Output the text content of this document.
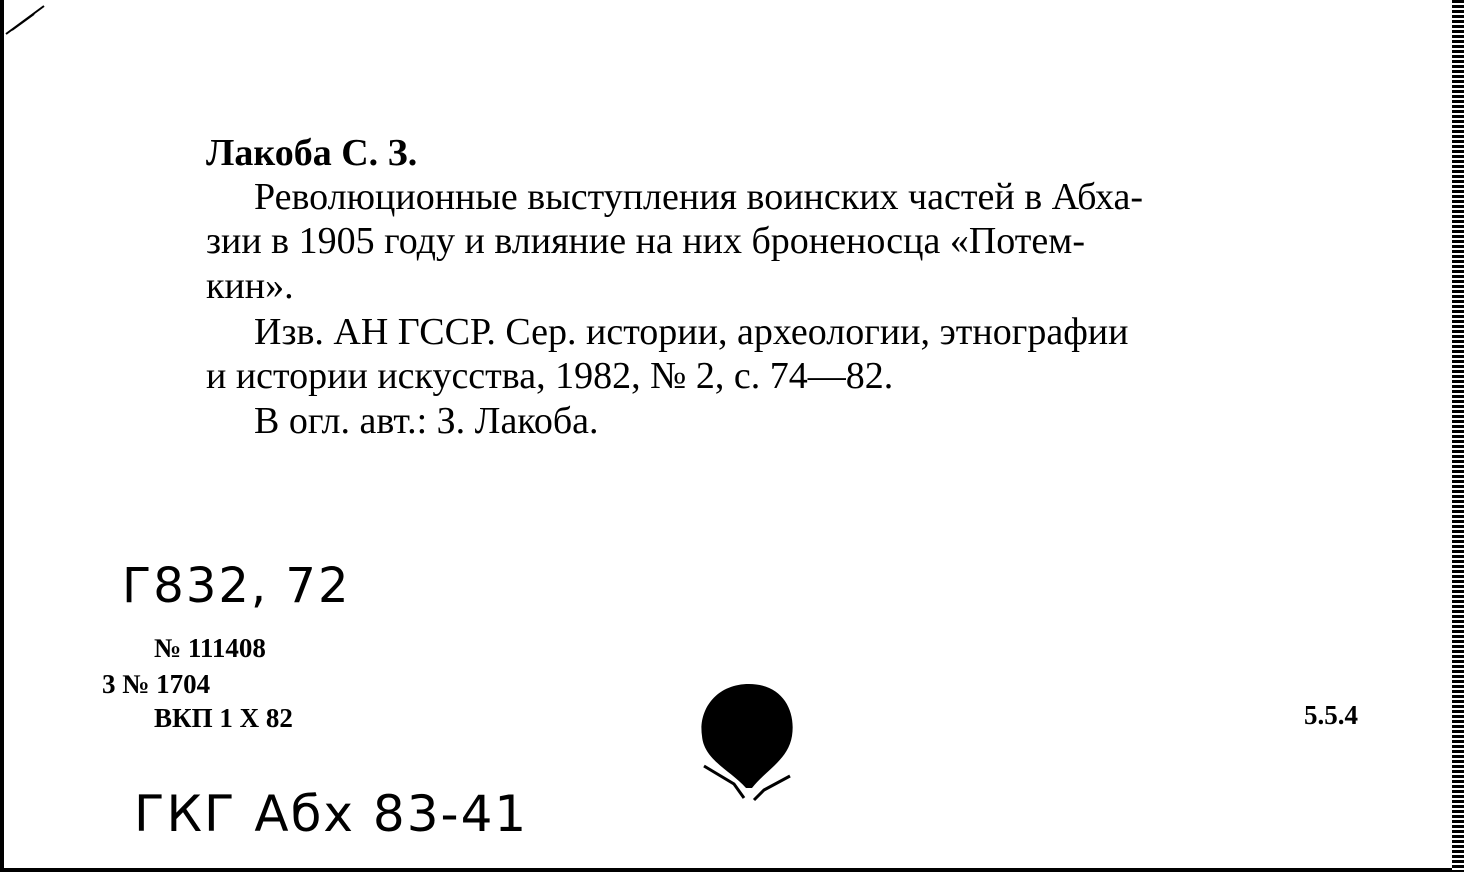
Лакоба С. З.

Революционные выступления воинских частей в Абха-

зии в 1905 году и влияние на них броненосца «Потем-

кин».

Изв. АН ГССР. Сер. истории, археологии, этнографии

и истории искусства, 1982, № 2, с. 74—82.

В огл. авт.: З. Лакоба.

Г832, 72

№ 111408

3 № 1704

ВКП 1 X 82	5.5.4

ГКГ Абх 83-41
